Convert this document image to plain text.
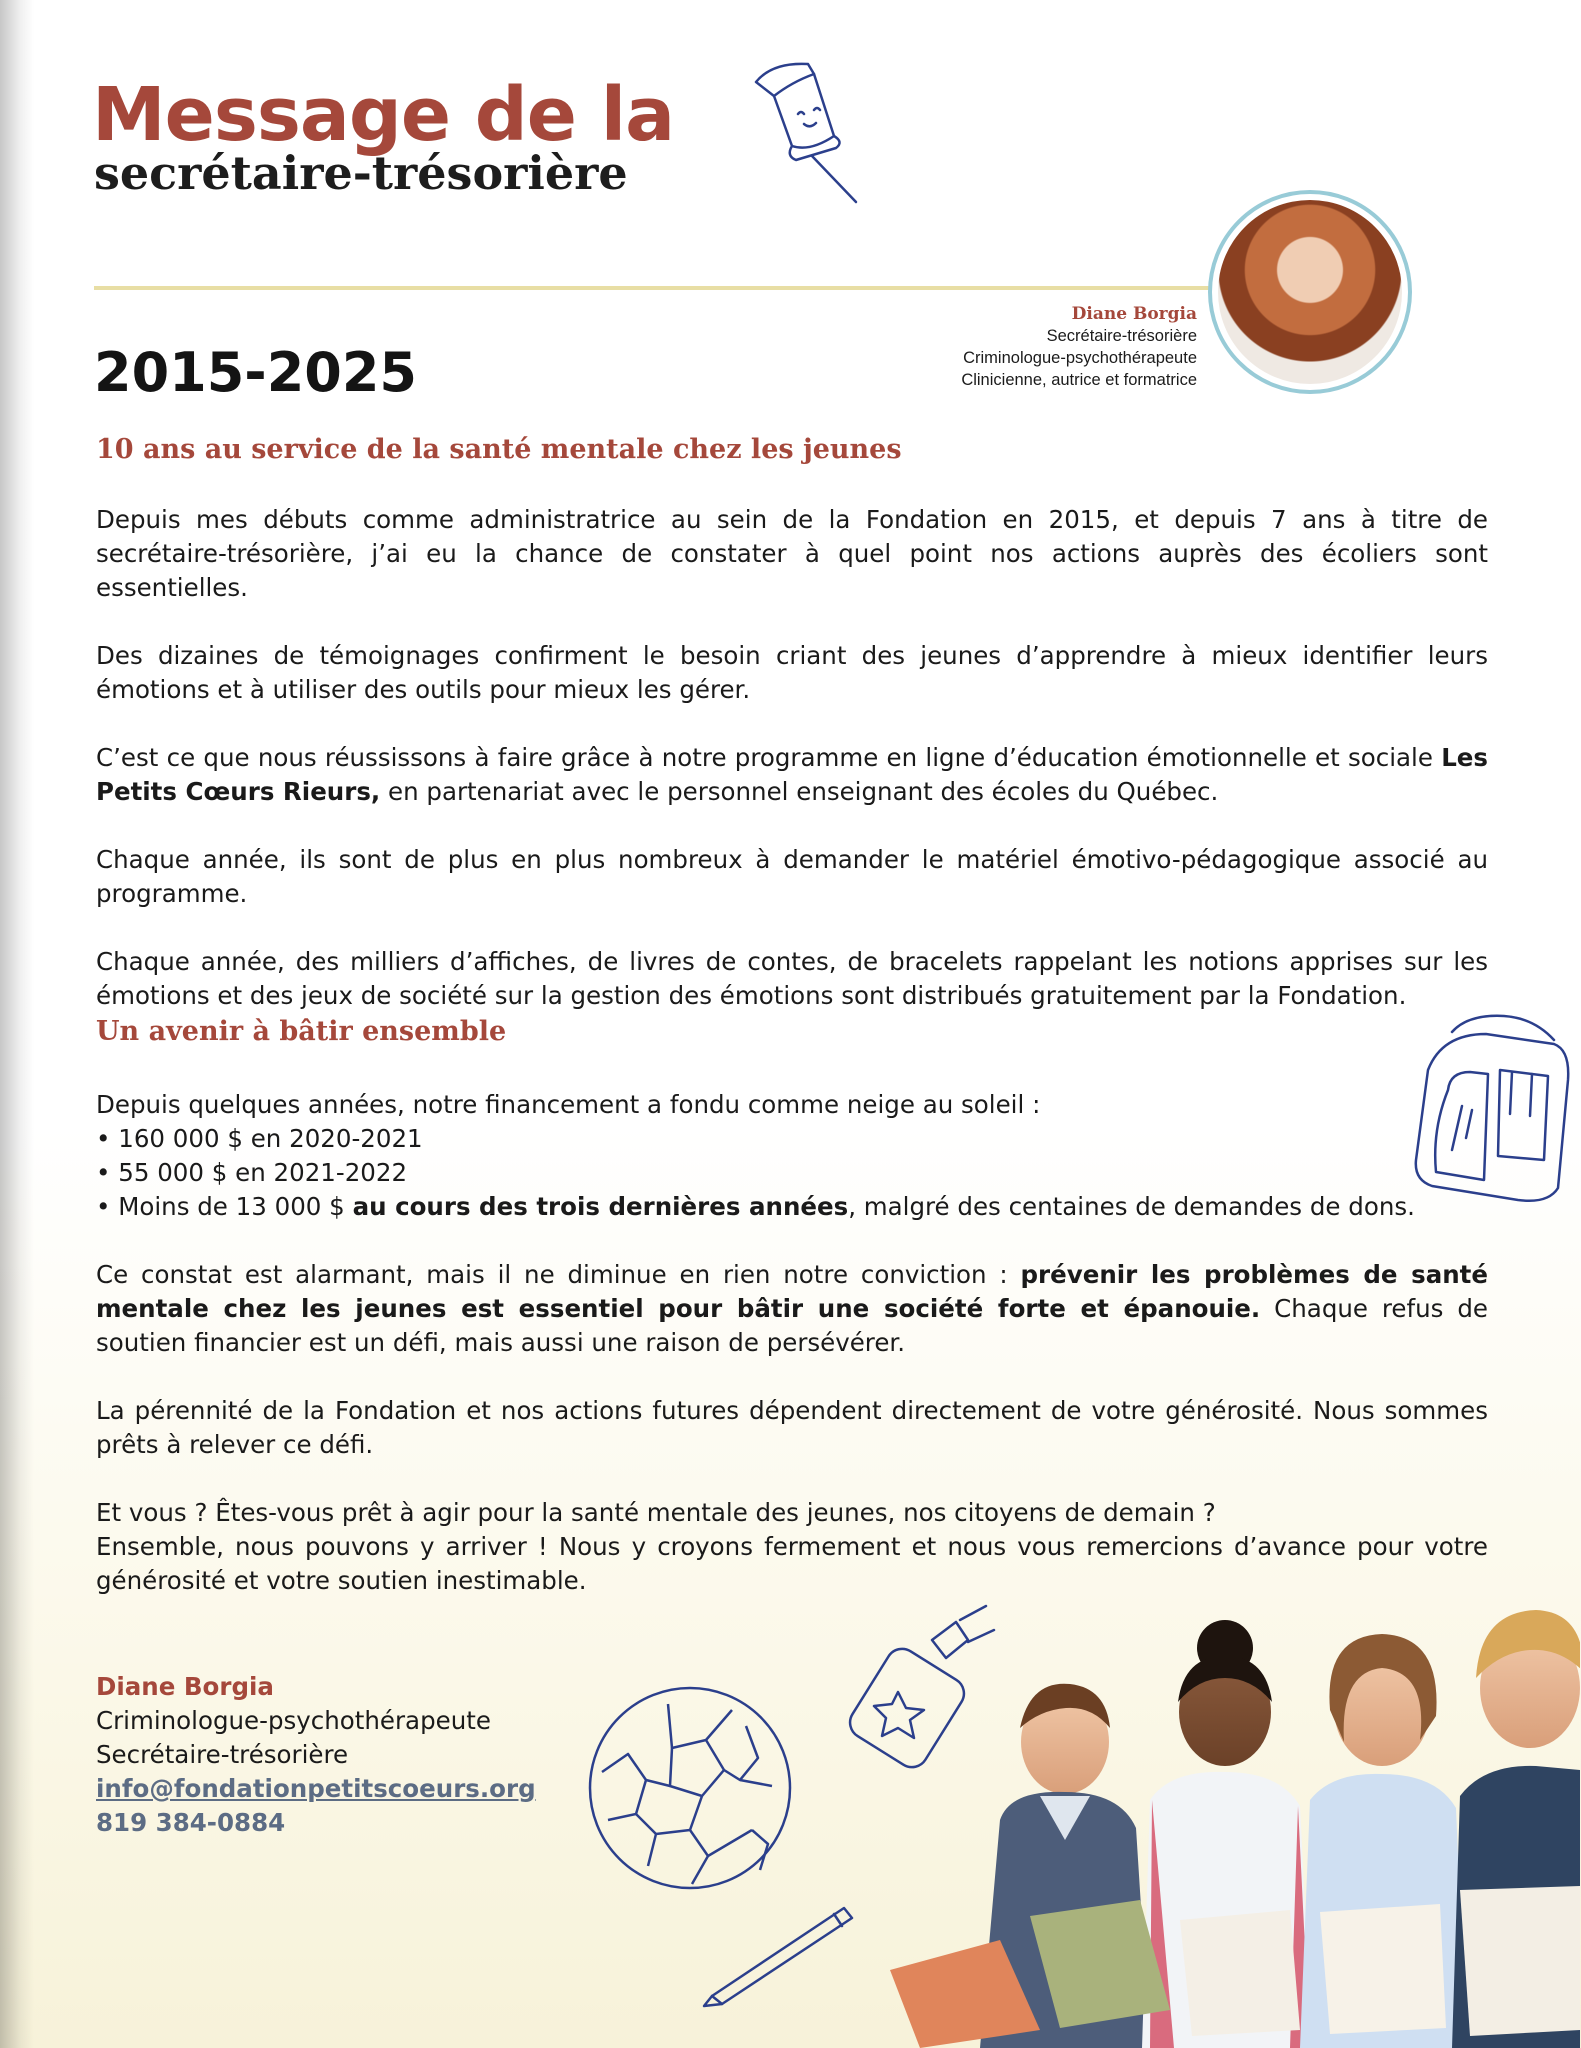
Message de la
secrétaire-trésorière
2015-2025
Diane Borgia
Secrétaire-trésorière
Criminologue-psychothérapeute
Clinicienne, autrice et formatrice
10 ans au service de la santé mentale chez les jeunes

Depuis mes débuts comme administratrice au sein de la Fondation en 2015, et depuis 7 ans à titre de secrétaire-trésorière, j’ai eu la chance de constater à quel point nos actions auprès des écoliers sont essentielles.

Des dizaines de témoignages confirment le besoin criant des jeunes d’apprendre à mieux identifier leurs émotions et à utiliser des outils pour mieux les gérer.

C’est ce que nous réussissons à faire grâce à notre programme en ligne d’éducation émotionnelle et sociale Les Petits Cœurs Rieurs, en partenariat avec le personnel enseignant des écoles du Québec.

Chaque année, ils sont de plus en plus nombreux à demander le matériel émotivo-pédagogique associé au programme.

Chaque année, des milliers d’affiches, de livres de contes, de bracelets rappelant les notions apprises sur les émotions et des jeux de société sur la gestion des émotions sont distribués gratuitement par la Fondation.

Un avenir à bâtir ensemble

Depuis quelques années, notre financement a fondu comme neige au soleil :
• 160 000 $ en 2020-2021
• 55 000 $ en 2021-2022
• Moins de 13 000 $ au cours des trois dernières années, malgré des centaines de demandes de dons.

Ce constat est alarmant, mais il ne diminue en rien notre conviction : prévenir les problèmes de santé mentale chez les jeunes est essentiel pour bâtir une société forte et épanouie. Chaque refus de soutien financier est un défi, mais aussi une raison de persévérer.

La pérennité de la Fondation et nos actions futures dépendent directement de votre générosité. Nous sommes prêts à relever ce défi.

Et vous ? Êtes-vous prêt à agir pour la santé mentale des jeunes, nos citoyens de demain ?
Ensemble, nous pouvons y arriver ! Nous y croyons fermement et nous vous remercions d’avance pour votre générosité et votre soutien inestimable.

Diane Borgia
Criminologue-psychothérapeute
Secrétaire-trésorière
info@fondationpetitscoeurs.org
819 384-0884
